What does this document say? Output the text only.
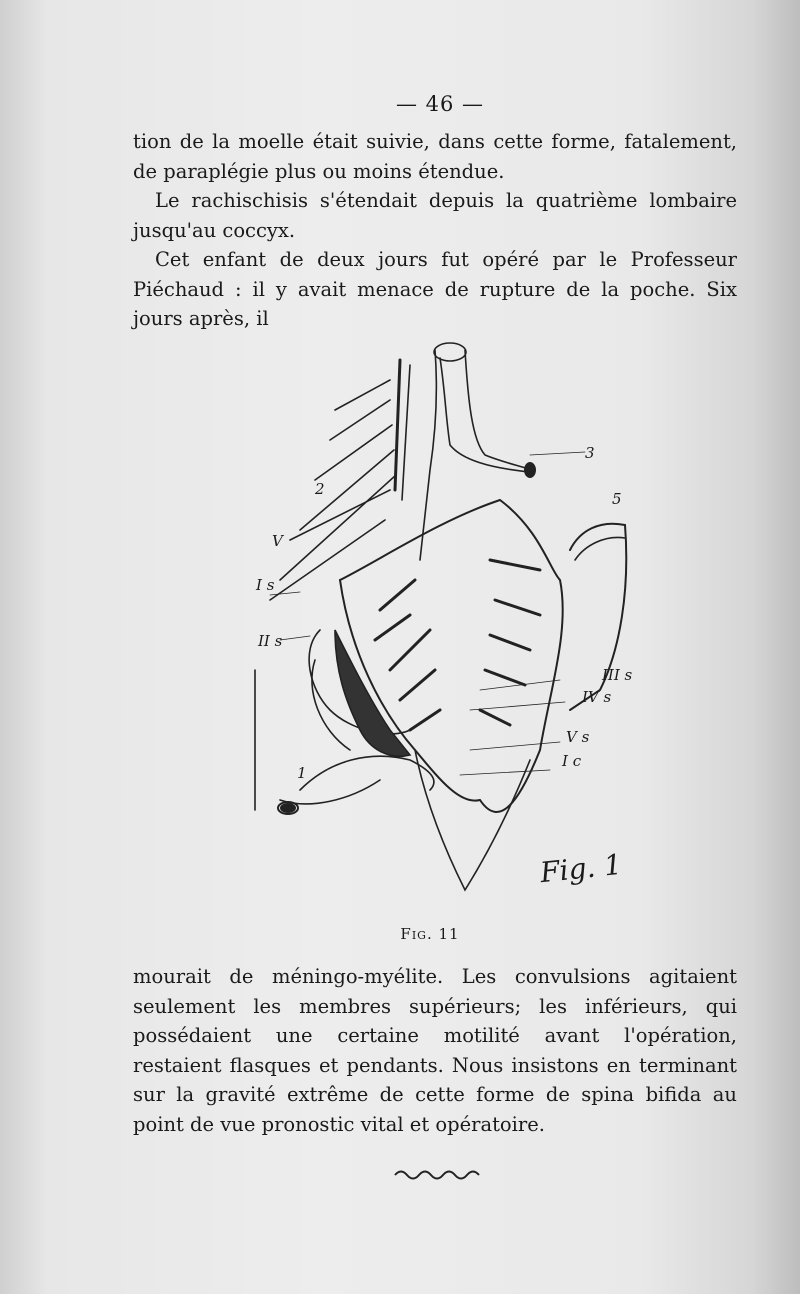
— 46 —

tion de la moelle était suivie, dans cette forme, fatalement, de paraplégie plus ou moins étendue.

Le rachischisis s'étendait depuis la quatrième lombaire jusqu'au coccyx.

Cet enfant de deux jours fut opéré par le Professeur Piéchaud : il y avait menace de rupture de la poche. Six jours après, il

3
2
5
V
I s
II s
III s
IV s
V s
I c
1
Fig. 1
Fig. 11

mourait de méningo-myélite. Les convulsions agitaient seulement les membres supérieurs; les inférieurs, qui possédaient une certaine motilité avant l'opération, restaient flasques et pendants. Nous insistons en terminant sur la gravité extrême de cette forme de spina bifida au point de vue pronostic vital et opératoire.
